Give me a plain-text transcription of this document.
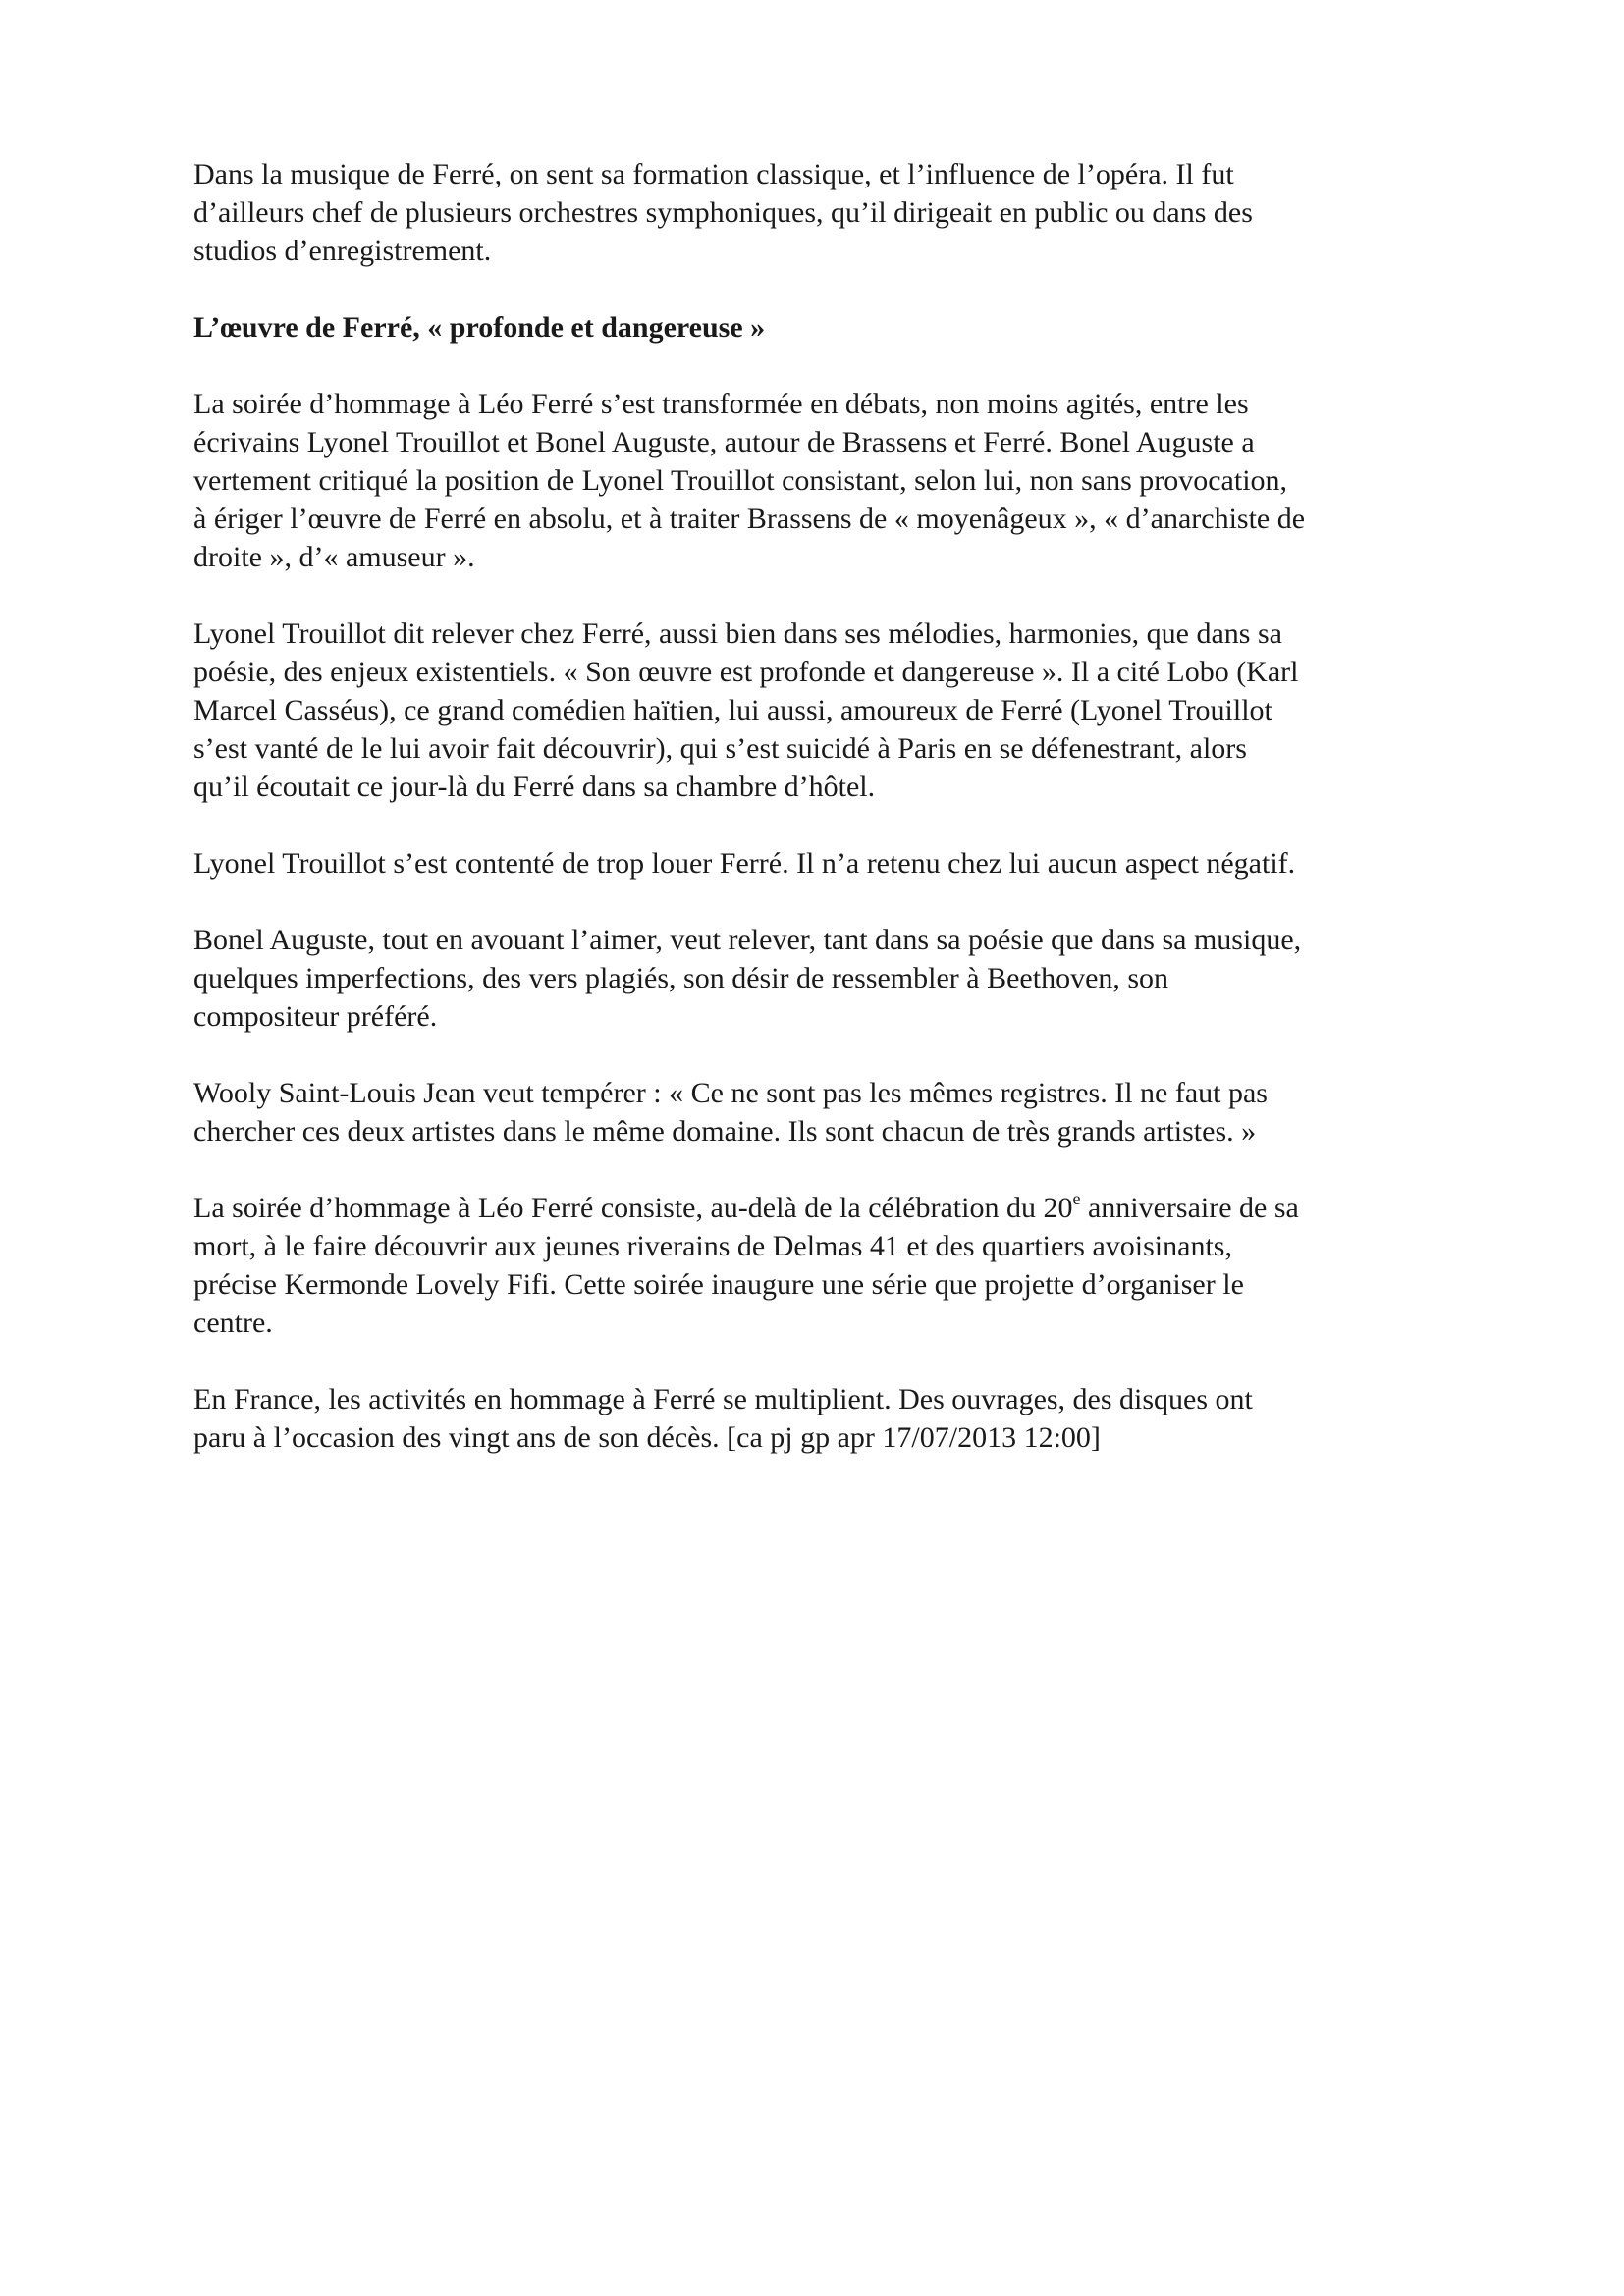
Dans la musique de Ferré, on sent sa formation classique, et l’influence de l’opéra. Il fut
d’ailleurs chef de plusieurs orchestres symphoniques, qu’il dirigeait en public ou dans des
studios d’enregistrement.

L’œuvre de Ferré, « profonde et dangereuse »

La soirée d’hommage à Léo Ferré s’est transformée en débats, non moins agités, entre les
écrivains Lyonel Trouillot et Bonel Auguste, autour de Brassens et Ferré. Bonel Auguste a
vertement critiqué la position de Lyonel Trouillot consistant, selon lui, non sans provocation,
à ériger l’œuvre de Ferré en absolu, et à traiter Brassens de « moyenâgeux », « d’anarchiste de
droite », d’« amuseur ».

Lyonel Trouillot dit relever chez Ferré, aussi bien dans ses mélodies, harmonies, que dans sa
poésie, des enjeux existentiels. « Son œuvre est profonde et dangereuse ». Il a cité Lobo (Karl
Marcel Casséus), ce grand comédien haïtien, lui aussi, amoureux de Ferré (Lyonel Trouillot
s’est vanté de le lui avoir fait découvrir), qui s’est suicidé à Paris en se défenestrant, alors
qu’il écoutait ce jour-là du Ferré dans sa chambre d’hôtel.

Lyonel Trouillot s’est contenté de trop louer Ferré. Il n’a retenu chez lui aucun aspect négatif.

Bonel Auguste, tout en avouant l’aimer, veut relever, tant dans sa poésie que dans sa musique,
quelques imperfections, des vers plagiés, son désir de ressembler à Beethoven, son
compositeur préféré.

Wooly Saint-Louis Jean veut tempérer : « Ce ne sont pas les mêmes registres. Il ne faut pas
chercher ces deux artistes dans le même domaine. Ils sont chacun de très grands artistes. »

La soirée d’hommage à Léo Ferré consiste, au-delà de la célébration du 20e anniversaire de sa
mort, à le faire découvrir aux jeunes riverains de Delmas 41 et des quartiers avoisinants,
précise Kermonde Lovely Fifi. Cette soirée inaugure une série que projette d’organiser le
centre.

En France, les activités en hommage à Ferré se multiplient. Des ouvrages, des disques ont
paru à l’occasion des vingt ans de son décès. [ca pj gp apr 17/07/2013 12:00]
